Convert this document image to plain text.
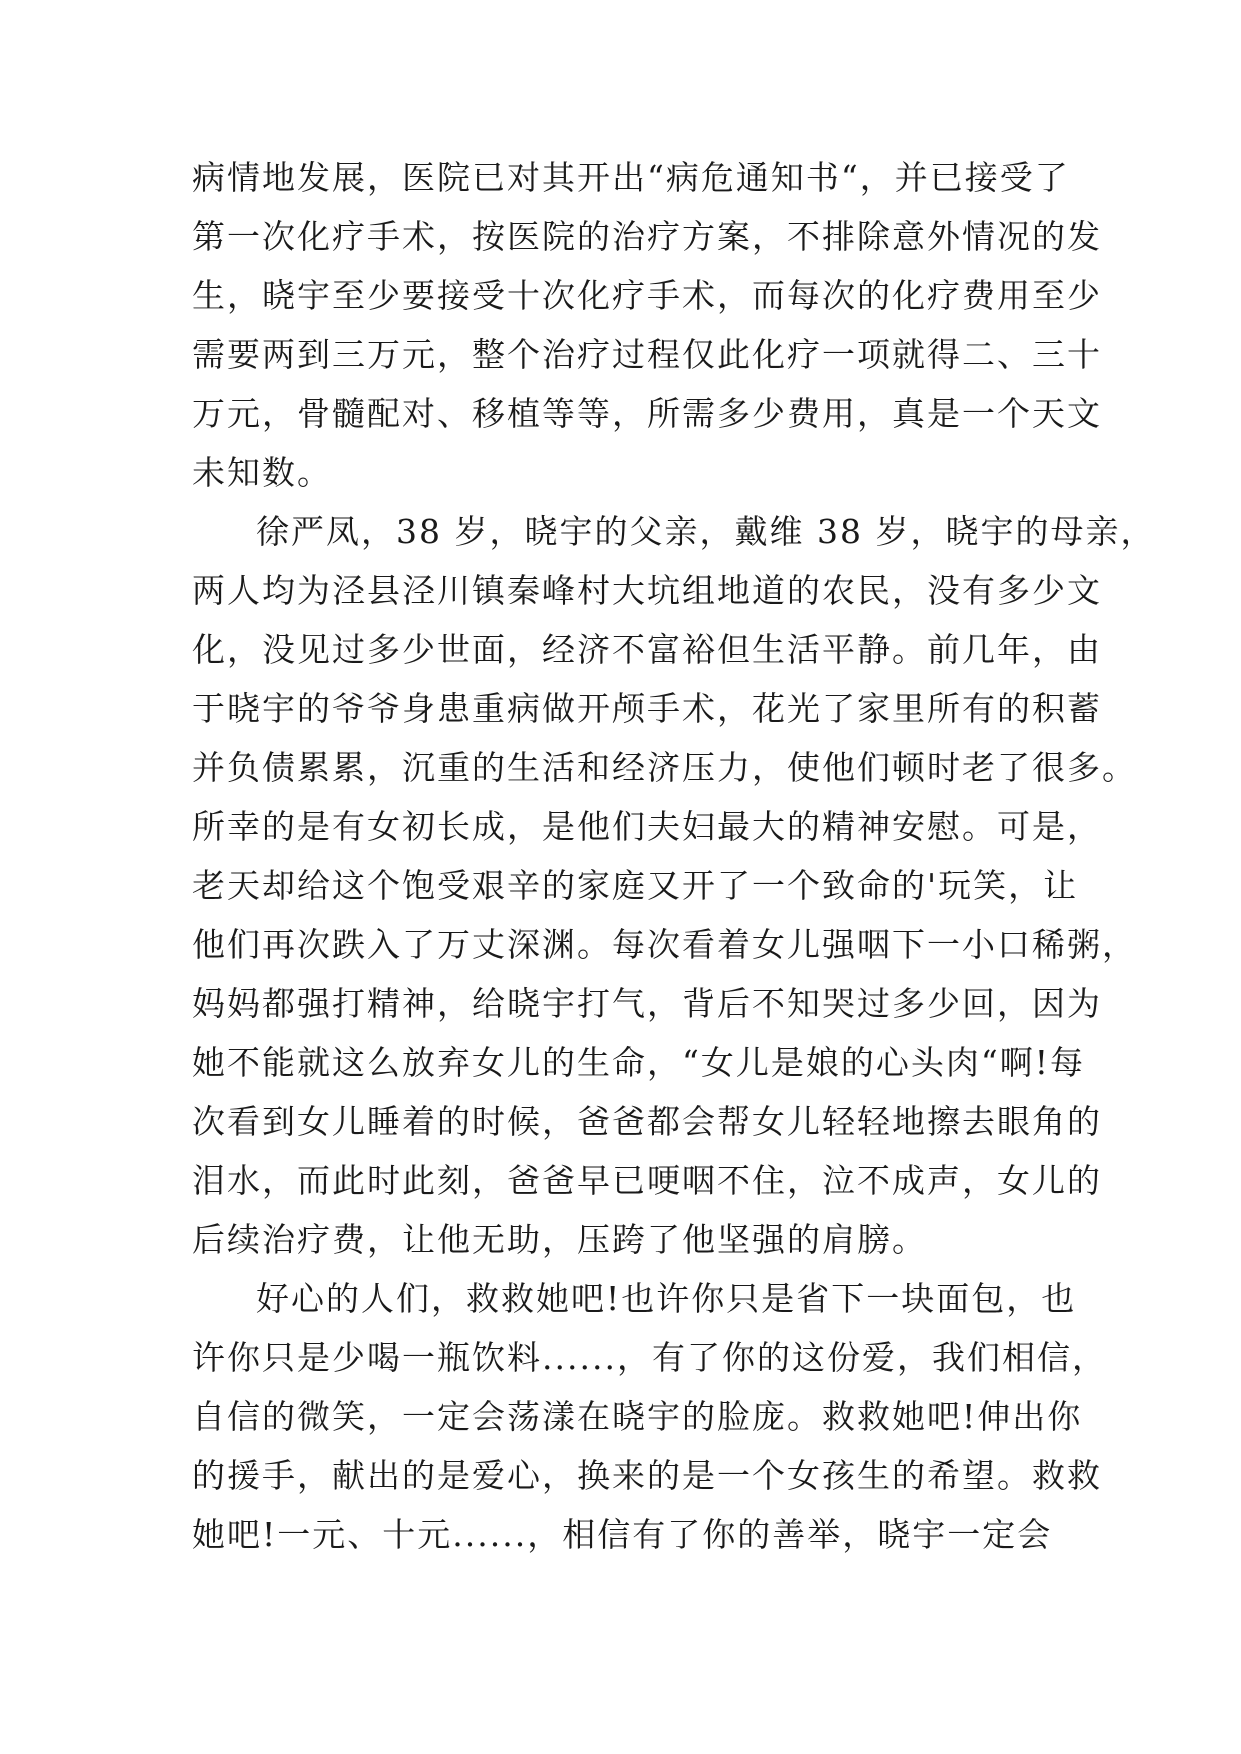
病情地发展，医院已对其开出“病危通知书“，并已接受了
第一次化疗手术，按医院的治疗方案，不排除意外情况的发
生，晓宇至少要接受十次化疗手术，而每次的化疗费用至少
需要两到三万元，整个治疗过程仅此化疗一项就得二、三十
万元，骨髓配对、移植等等，所需多少费用，真是一个天文
未知数。
徐严凤，38 岁，晓宇的父亲，戴维 38 岁，晓宇的母亲，
两人均为泾县泾川镇秦峰村大坑组地道的农民，没有多少文
化，没见过多少世面，经济不富裕但生活平静。前几年，由
于晓宇的爷爷身患重病做开颅手术，花光了家里所有的积蓄
并负债累累，沉重的生活和经济压力，使他们顿时老了很多。
所幸的是有女初长成，是他们夫妇最大的精神安慰。可是，
老天却给这个饱受艰辛的家庭又开了一个致命的'玩笑，让
他们再次跌入了万丈深渊。每次看着女儿强咽下一小口稀粥，
妈妈都强打精神，给晓宇打气，背后不知哭过多少回，因为
她不能就这么放弃女儿的生命，“女儿是娘的心头肉“啊!每
次看到女儿睡着的时候，爸爸都会帮女儿轻轻地擦去眼角的
泪水，而此时此刻，爸爸早已哽咽不住，泣不成声，女儿的
后续治疗费，让他无助，压跨了他坚强的肩膀。
好心的人们，救救她吧!也许你只是省下一块面包，也
许你只是少喝一瓶饮料......，有了你的这份爱，我们相信，
自信的微笑，一定会荡漾在晓宇的脸庞。救救她吧!伸出你
的援手，献出的是爱心，换来的是一个女孩生的希望。救救
她吧!一元、十元......，相信有了你的善举，晓宇一定会
